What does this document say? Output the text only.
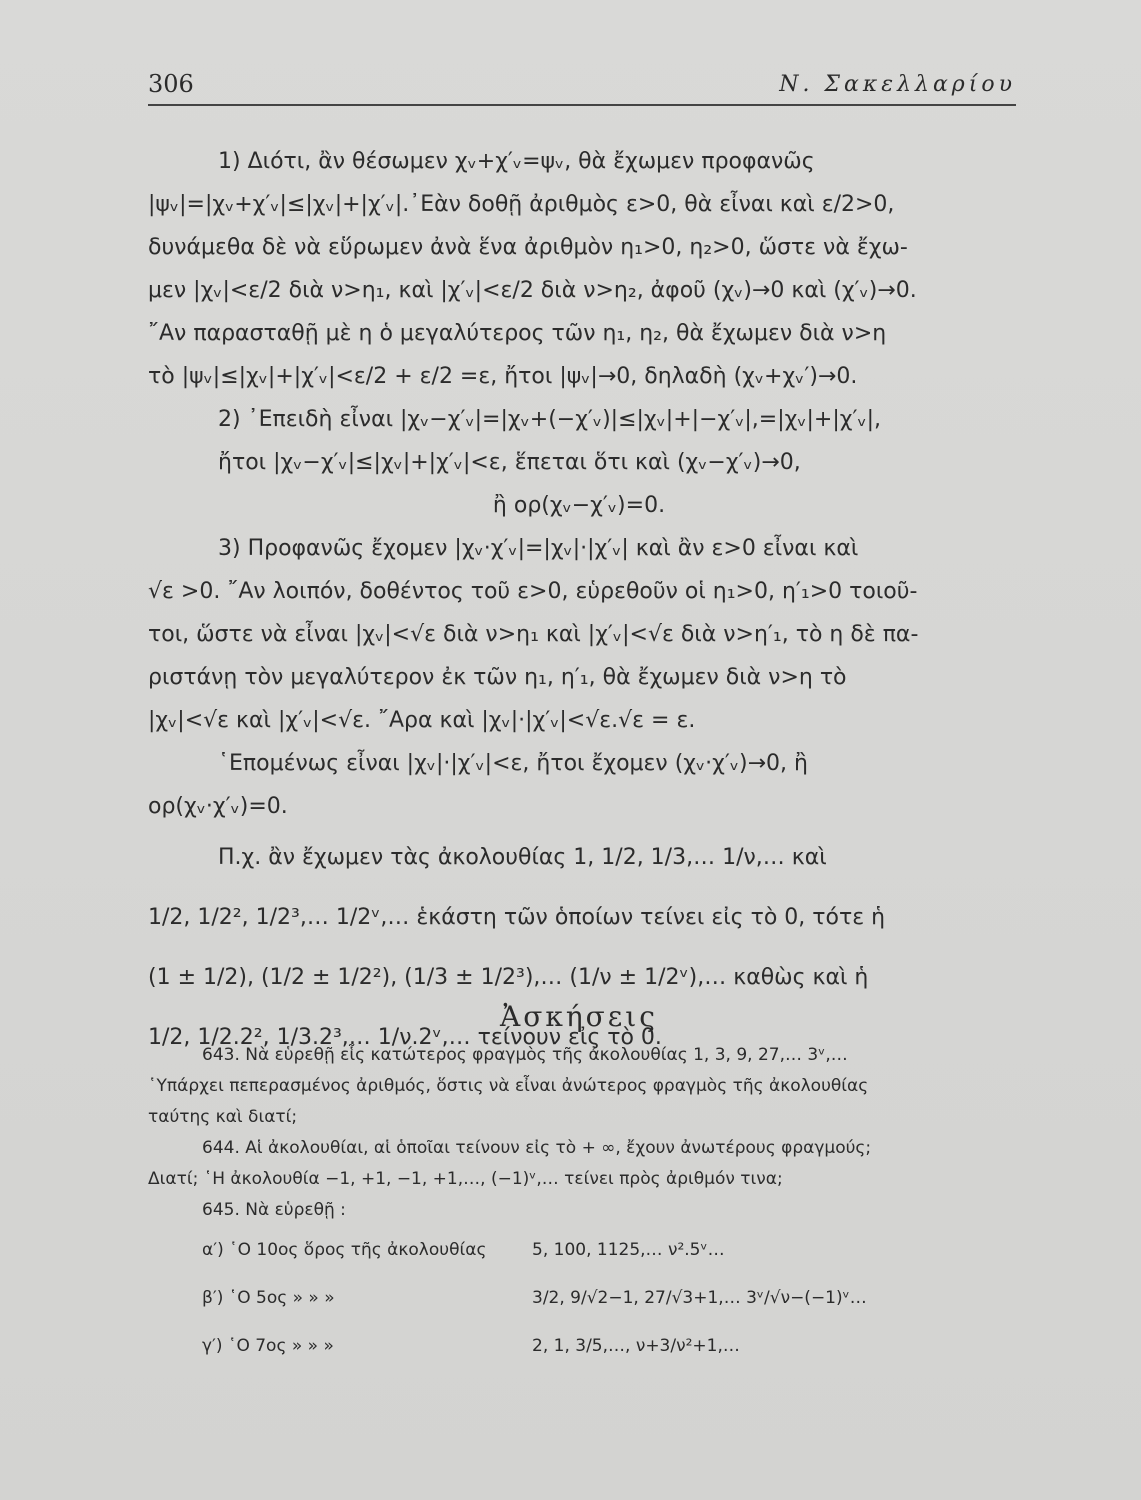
306	Ν. Σακελλαρίου
1) Διότι, ἂν θέσωμεν χᵥ+χ′ᵥ=ψᵥ, θὰ ἔχωμεν προφανῶς
|ψᵥ|=|χᵥ+χ′ᵥ|≤|χᵥ|+|χ′ᵥ|.᾿Εὰν δοθῇ ἀριθμὸς ε>0, θὰ εἶναι καὶ ε/2>0,
δυνάμεθα δὲ νὰ εὕρωμεν ἀνὰ ἕνα ἀριθμὸν η₁>0, η₂>0, ὥστε νὰ ἔχω-
μεν |χᵥ|<ε/2 διὰ ν>η₁, καὶ |χ′ᵥ|<ε/2 διὰ ν>η₂, ἀφοῦ (χᵥ)→0 καὶ (χ′ᵥ)→0.
῎Αν παρασταθῇ μὲ η ὁ μεγαλύτερος τῶν η₁, η₂, θὰ ἔχωμεν διὰ ν>η
τὸ |ψᵥ|≤|χᵥ|+|χ′ᵥ|<ε/2 + ε/2 =ε, ἤτοι |ψᵥ|→0, δηλαδὴ (χᵥ+χᵥ′)→0.
2) ᾿Επειδὴ εἶναι |χᵥ−χ′ᵥ|=|χᵥ+(−χ′ᵥ)|≤|χᵥ|+|−χ′ᵥ|,=|χᵥ|+|χ′ᵥ|,
ἤτοι |χᵥ−χ′ᵥ|≤|χᵥ|+|χ′ᵥ|<ε, ἕπεται ὅτι καὶ (χᵥ−χ′ᵥ)→0,
ἢ ορ(χᵥ−χ′ᵥ)=0.
3) Προφανῶς ἔχομεν |χᵥ·χ′ᵥ|=|χᵥ|·|χ′ᵥ| καὶ ἂν ε>0 εἶναι καὶ
√ε >0. ῎Αν λοιπόν, δοθέντος τοῦ ε>0, εὑρεθοῦν οἱ η₁>0, η′₁>0 τοιοῦ-
τοι, ὥστε νὰ εἶναι |χᵥ|<√ε διὰ ν>η₁ καὶ |χ′ᵥ|<√ε διὰ ν>η′₁, τὸ η δὲ πα-
ριστάνῃ τὸν μεγαλύτερον ἐκ τῶν η₁, η′₁, θὰ ἔχωμεν διὰ ν>η τὸ
|χᵥ|<√ε καὶ |χ′ᵥ|<√ε. ῎Αρα καὶ |χᵥ|·|χ′ᵥ|<√ε.√ε = ε.
῾Επομένως εἶναι |χᵥ|·|χ′ᵥ|<ε, ἤτοι ἔχομεν (χᵥ·χ′ᵥ)→0, ἢ
ορ(χᵥ·χ′ᵥ)=0.
Π.χ. ἂν ἔχωμεν τὰς ἀκολουθίας 1, 1/2, 1/3,… 1/ν,… καὶ
1/2, 1/2², 1/2³,… 1/2ᵛ,… ἑκάστη τῶν ὁποίων τείνει εἰς τὸ 0, τότε ἡ
(1 ± 1/2), (1/2 ± 1/2²), (1/3 ± 1/2³),… (1/ν ± 1/2ᵛ),… καθὼς καὶ ἡ
1/2, 1/2.2², 1/3.2³,… 1/ν.2ᵛ,… τείνουν εἰς τὸ 0.
Ἀσκήσεις
643. Νὰ εὑρεθῇ εἷς κατώτερος φραγμὸς τῆς ἀκολουθίας 1, 3, 9, 27,… 3ᵛ,…
῾Υπάρχει πεπερασμένος ἀριθμός, ὅστις νὰ εἶναι ἀνώτερος φραγμὸς τῆς ἀκολουθίας
ταύτης καὶ διατί;
644. Αἱ ἀκολουθίαι, αἱ ὁποῖαι τείνουν εἰς τὸ + ∞, ἔχουν ἀνωτέρους φραγμούς;
Διατί; ῾Η ἀκολουθία −1, +1, −1, +1,…, (−1)ᵛ,… τείνει πρὸς ἀριθμόν τινα;
645. Νὰ εὑρεθῇ :
α′) ῾Ο 10ος ὅρος τῆς ἀκολουθίας	5, 100, 1125,… ν².5ᵛ…
β′) ῾Ο 5ος » » »	3/2, 9/√2−1, 27/√3+1,… 3ᵛ/√ν−(−1)ᵛ…
γ′) ῾Ο 7ος » » »	2, 1, 3/5,…, ν+3/ν²+1,…
